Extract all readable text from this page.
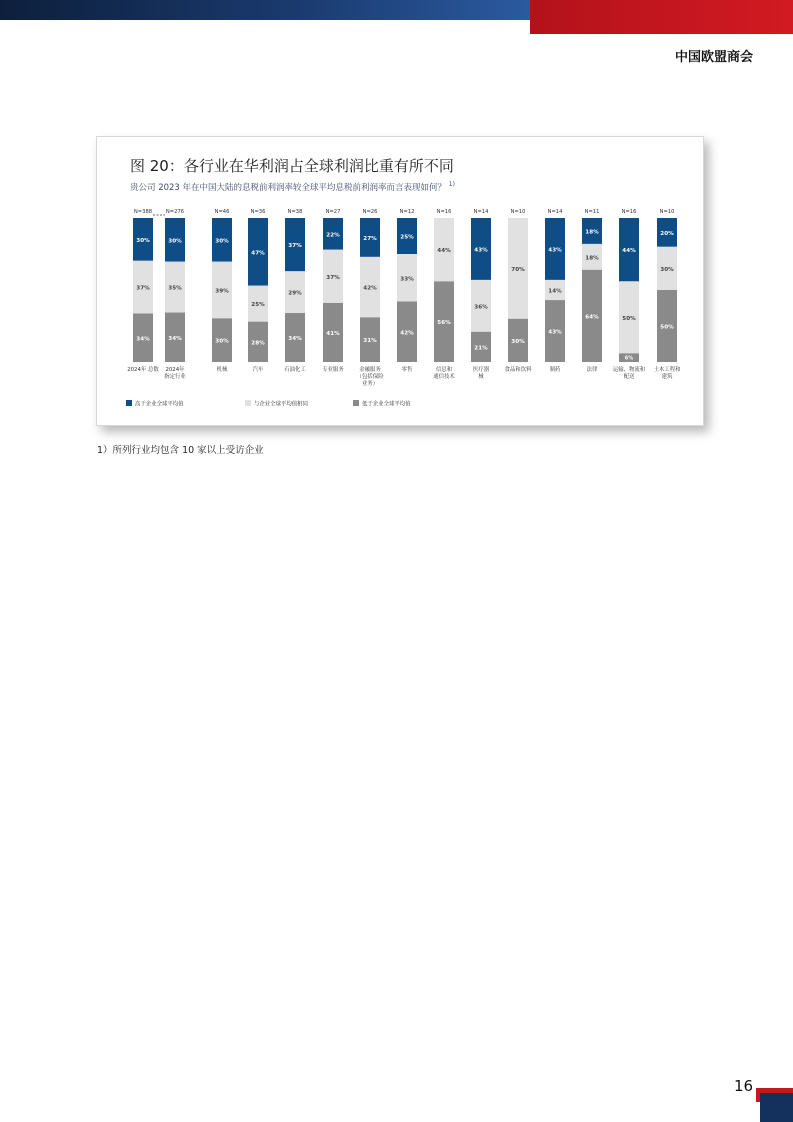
中国欧盟商会
图 20：各行业在华利润占全球利润比重有所不同
贵公司 2023 年在中国大陆的息税前利润率较全球平均息税前利润率而言表现如何？ $^{1)}$
30%
37%
34%
N=388
2024年 总数
30%
35%
34%
N=276
2024年
指定行业
30%
39%
30%
N=46
机械
47%
25%
28%
N=36
汽车
37%
29%
34%
N=38
石油化工
22%
37%
41%
N=27
专业服务
27%
42%
31%
N=26
金融服务
（包括保险
业务）
25%
33%
42%
N=12
零售
44%
56%
N=16
信息和
通信技术
43%
36%
21%
N=14
医疗器
械
70%
30%
N=10
食品和饮料
43%
14%
43%
N=14
制药
18%
18%
64%
N=11
法律
44%
50%
6%
N=16
运输、物流和
配送
20%
30%
50%
N=10
土木工程和
建筑
高于企业全球平均值	与企业全球平均值相同	低于企业全球平均值
1）所列行业均包含 10 家以上受访企业
16
